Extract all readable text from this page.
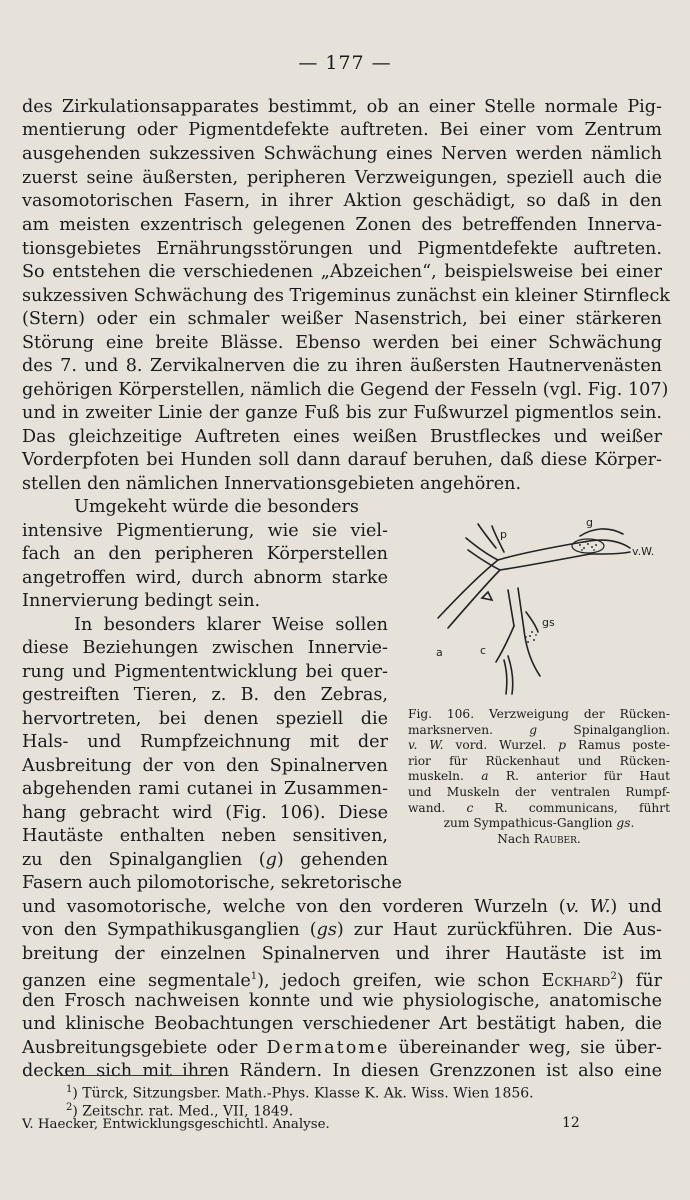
— 177 —
des Zirkulationsapparates bestimmt, ob an einer Stelle normale Pig-
mentierung oder Pigmentdefekte auftreten. Bei einer vom Zentrum
ausgehenden sukzessiven Schwächung eines Nerven werden nämlich
zuerst seine äußersten, peripheren Verzweigungen, speziell auch die
vasomotorischen Fasern, in ihrer Aktion geschädigt, so daß in den
am meisten exzentrisch gelegenen Zonen des betreffenden Innerva-
tionsgebietes Ernährungsstörungen und Pigmentdefekte auftreten.
So entstehen die verschiedenen „Abzeichen“, beispielsweise bei einer
sukzessiven Schwächung des Trigeminus zunächst ein kleiner Stirnfleck
(Stern) oder ein schmaler weißer Nasenstrich, bei einer stärkeren
Störung eine breite Blässe. Ebenso werden bei einer Schwächung
des 7. und 8. Zervikalnerven die zu ihren äußersten Hautnervenästen
gehörigen Körperstellen, nämlich die Gegend der Fesseln (vgl. Fig. 107)
und in zweiter Linie der ganze Fuß bis zur Fußwurzel pigmentlos sein.
Das gleichzeitige Auftreten eines weißen Brustfleckes und weißer
Vorderpfoten bei Hunden soll dann darauf beruhen, daß diese Körper-
stellen den nämlichen Innervationsgebieten angehören.
Umgekeht würde die besonders
intensive Pigmentierung, wie sie viel-
fach an den peripheren Körperstellen
angetroffen wird, durch abnorm starke
Innervierung bedingt sein.
In besonders klarer Weise sollen
diese Beziehungen zwischen Innervie-
rung und Pigmententwicklung bei quer-
gestreiften Tieren, z. B. den Zebras,
hervortreten, bei denen speziell die
Hals- und Rumpfzeichnung mit der
Ausbreitung der von den Spinalnerven
abgehenden rami cutanei in Zusammen-
hang gebracht wird (Fig. 106). Diese
Hautäste enthalten neben sensitiven,
zu den Spinalganglien (g) gehenden
Fasern auch pilomotorische, sekretorische
und vasomotorische, welche von den vorderen Wurzeln (v. W.) und
von den Sympathikusganglien (gs) zur Haut zurückführen. Die Aus-
breitung der einzelnen Spinalnerven und ihrer Hautäste ist im
ganzen eine segmentale$^1$), jedoch greifen, wie schon Eckhard$^2$) für
den Frosch nachweisen konnte und wie physiologische, anatomische
und klinische Beobachtungen verschiedener Art bestätigt haben, die
Ausbreitungsgebiete oder Dermatome übereinander weg, sie über-
decken sich mit ihren Rändern. In diesen Grenzzonen ist also eine
p
g
v.W.
gs
a	c
Fig. 106. Verzweigung der Rücken-
marksnerven. g Spinalganglion.
v. W. vord. Wurzel. p Ramus poste-
rior für Rückenhaut und Rücken-
muskeln. a R. anterior für Haut
und Muskeln der ventralen Rumpf-
wand. c R. communicans, führt
zum Sympathicus-Ganglion gs.
Nach Rauber.
$^1$) Türck, Sitzungsber. Math.-Phys. Klasse K. Ak. Wiss. Wien 1856.
$^2$) Zeitschr. rat. Med., VII, 1849.
V. Haecker, Entwicklungsgeschichtl. Analyse.	12
